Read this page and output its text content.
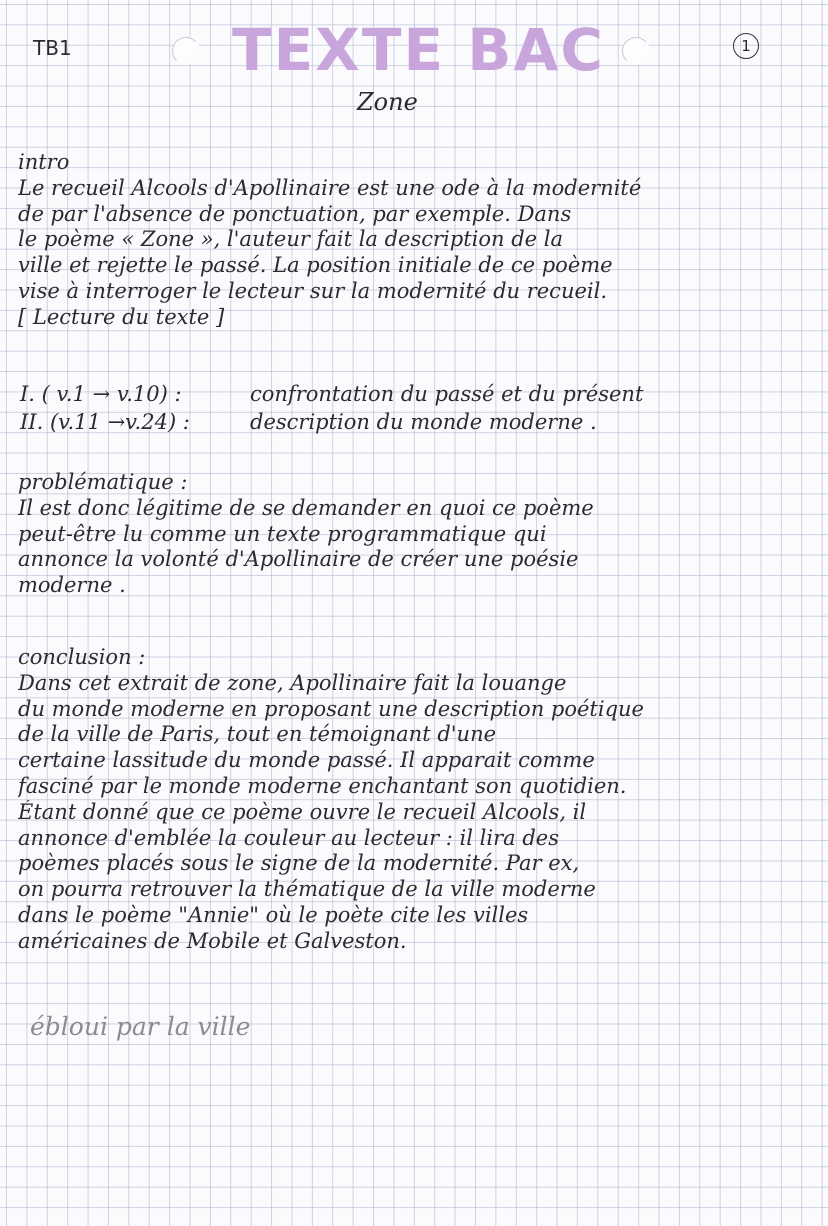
TB1	TEXTE BAC	1
Zone
intro
Le recueil Alcools d'Apollinaire est une ode à la modernité
de par l'absence de ponctuation, par exemple. Dans
le poème « Zone », l'auteur fait la description de la
ville et rejette le passé. La position initiale de ce poème
vise à interroger le lecteur sur la modernité du recueil.
[ Lecture du texte ]
I. ( v.1 → v.10) :	confrontation du passé et du présent
II. (v.11 →v.24) :	description du monde moderne .
problématique :
Il est donc légitime de se demander en quoi ce poème
peut-être lu comme un texte programmatique qui
annonce la volonté d'Apollinaire de créer une poésie
moderne .
conclusion :
Dans cet extrait de zone, Apollinaire fait la louange
du monde moderne en proposant une description poétique
de la ville de Paris, tout en témoignant d'une
certaine lassitude du monde passé. Il apparait comme
fasciné par le monde moderne enchantant son quotidien.
Étant donné que ce poème ouvre le recueil Alcools, il
annonce d'emblée la couleur au lecteur : il lira des
poèmes placés sous le signe de la modernité. Par ex,
on pourra retrouver la thématique de la ville moderne
dans le poème "Annie" où le poète cite les villes
américaines de Mobile et Galveston.
ébloui par la ville
